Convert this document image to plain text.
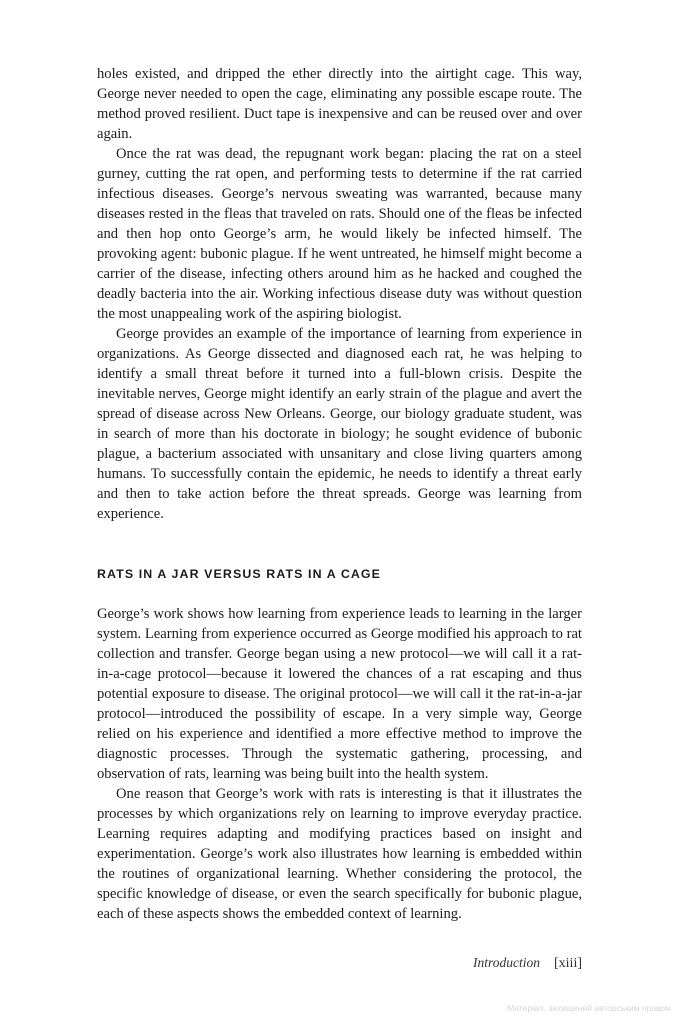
holes existed, and dripped the ether directly into the airtight cage. This way, George never needed to open the cage, eliminating any possible escape route. The method proved resilient. Duct tape is inexpensive and can be reused over and over again.

Once the rat was dead, the repugnant work began: placing the rat on a steel gurney, cutting the rat open, and performing tests to determine if the rat carried infectious diseases. George’s nervous sweating was warranted, because many diseases rested in the fleas that traveled on rats. Should one of the fleas be infected and then hop onto George’s arm, he would likely be infected himself. The provoking agent: bubonic plague. If he went untreated, he himself might become a carrier of the disease, infecting others around him as he hacked and coughed the deadly bacteria into the air. Working infectious disease duty was without question the most unappealing work of the aspiring biologist.

George provides an example of the importance of learning from experience in organizations. As George dissected and diagnosed each rat, he was helping to identify a small threat before it turned into a full-blown crisis. Despite the inevitable nerves, George might identify an early strain of the plague and avert the spread of disease across New Orleans. George, our biology graduate student, was in search of more than his doctorate in biology; he sought evidence of bubonic plague, a bacterium associated with unsanitary and close living quarters among humans. To successfully contain the epidemic, he needs to identify a threat early and then to take action before the threat spreads. George was learning from experience.

RATS IN A JAR VERSUS RATS IN A CAGE

George’s work shows how learning from experience leads to learning in the larger system. Learning from experience occurred as George modified his approach to rat collection and transfer. George began using a new protocol—we will call it a rat-in-a-cage protocol—because it lowered the chances of a rat escaping and thus potential exposure to disease. The original protocol—we will call it the rat-in-a-jar protocol—introduced the possibility of escape. In a very simple way, George relied on his experience and identified a more effective method to improve the diagnostic processes. Through the systematic gathering, processing, and observation of rats, learning was being built into the health system.

One reason that George’s work with rats is interesting is that it illustrates the processes by which organizations rely on learning to improve everyday practice. Learning requires adapting and modifying practices based on insight and experimentation. George’s work also illustrates how learning is embedded within the routines of organizational learning. Whether considering the protocol, the specific knowledge of disease, or even the search specifically for bubonic plague, each of these aspects shows the embedded context of learning.

Introduction [xiii]
Матеріал, захищений авторським правом
